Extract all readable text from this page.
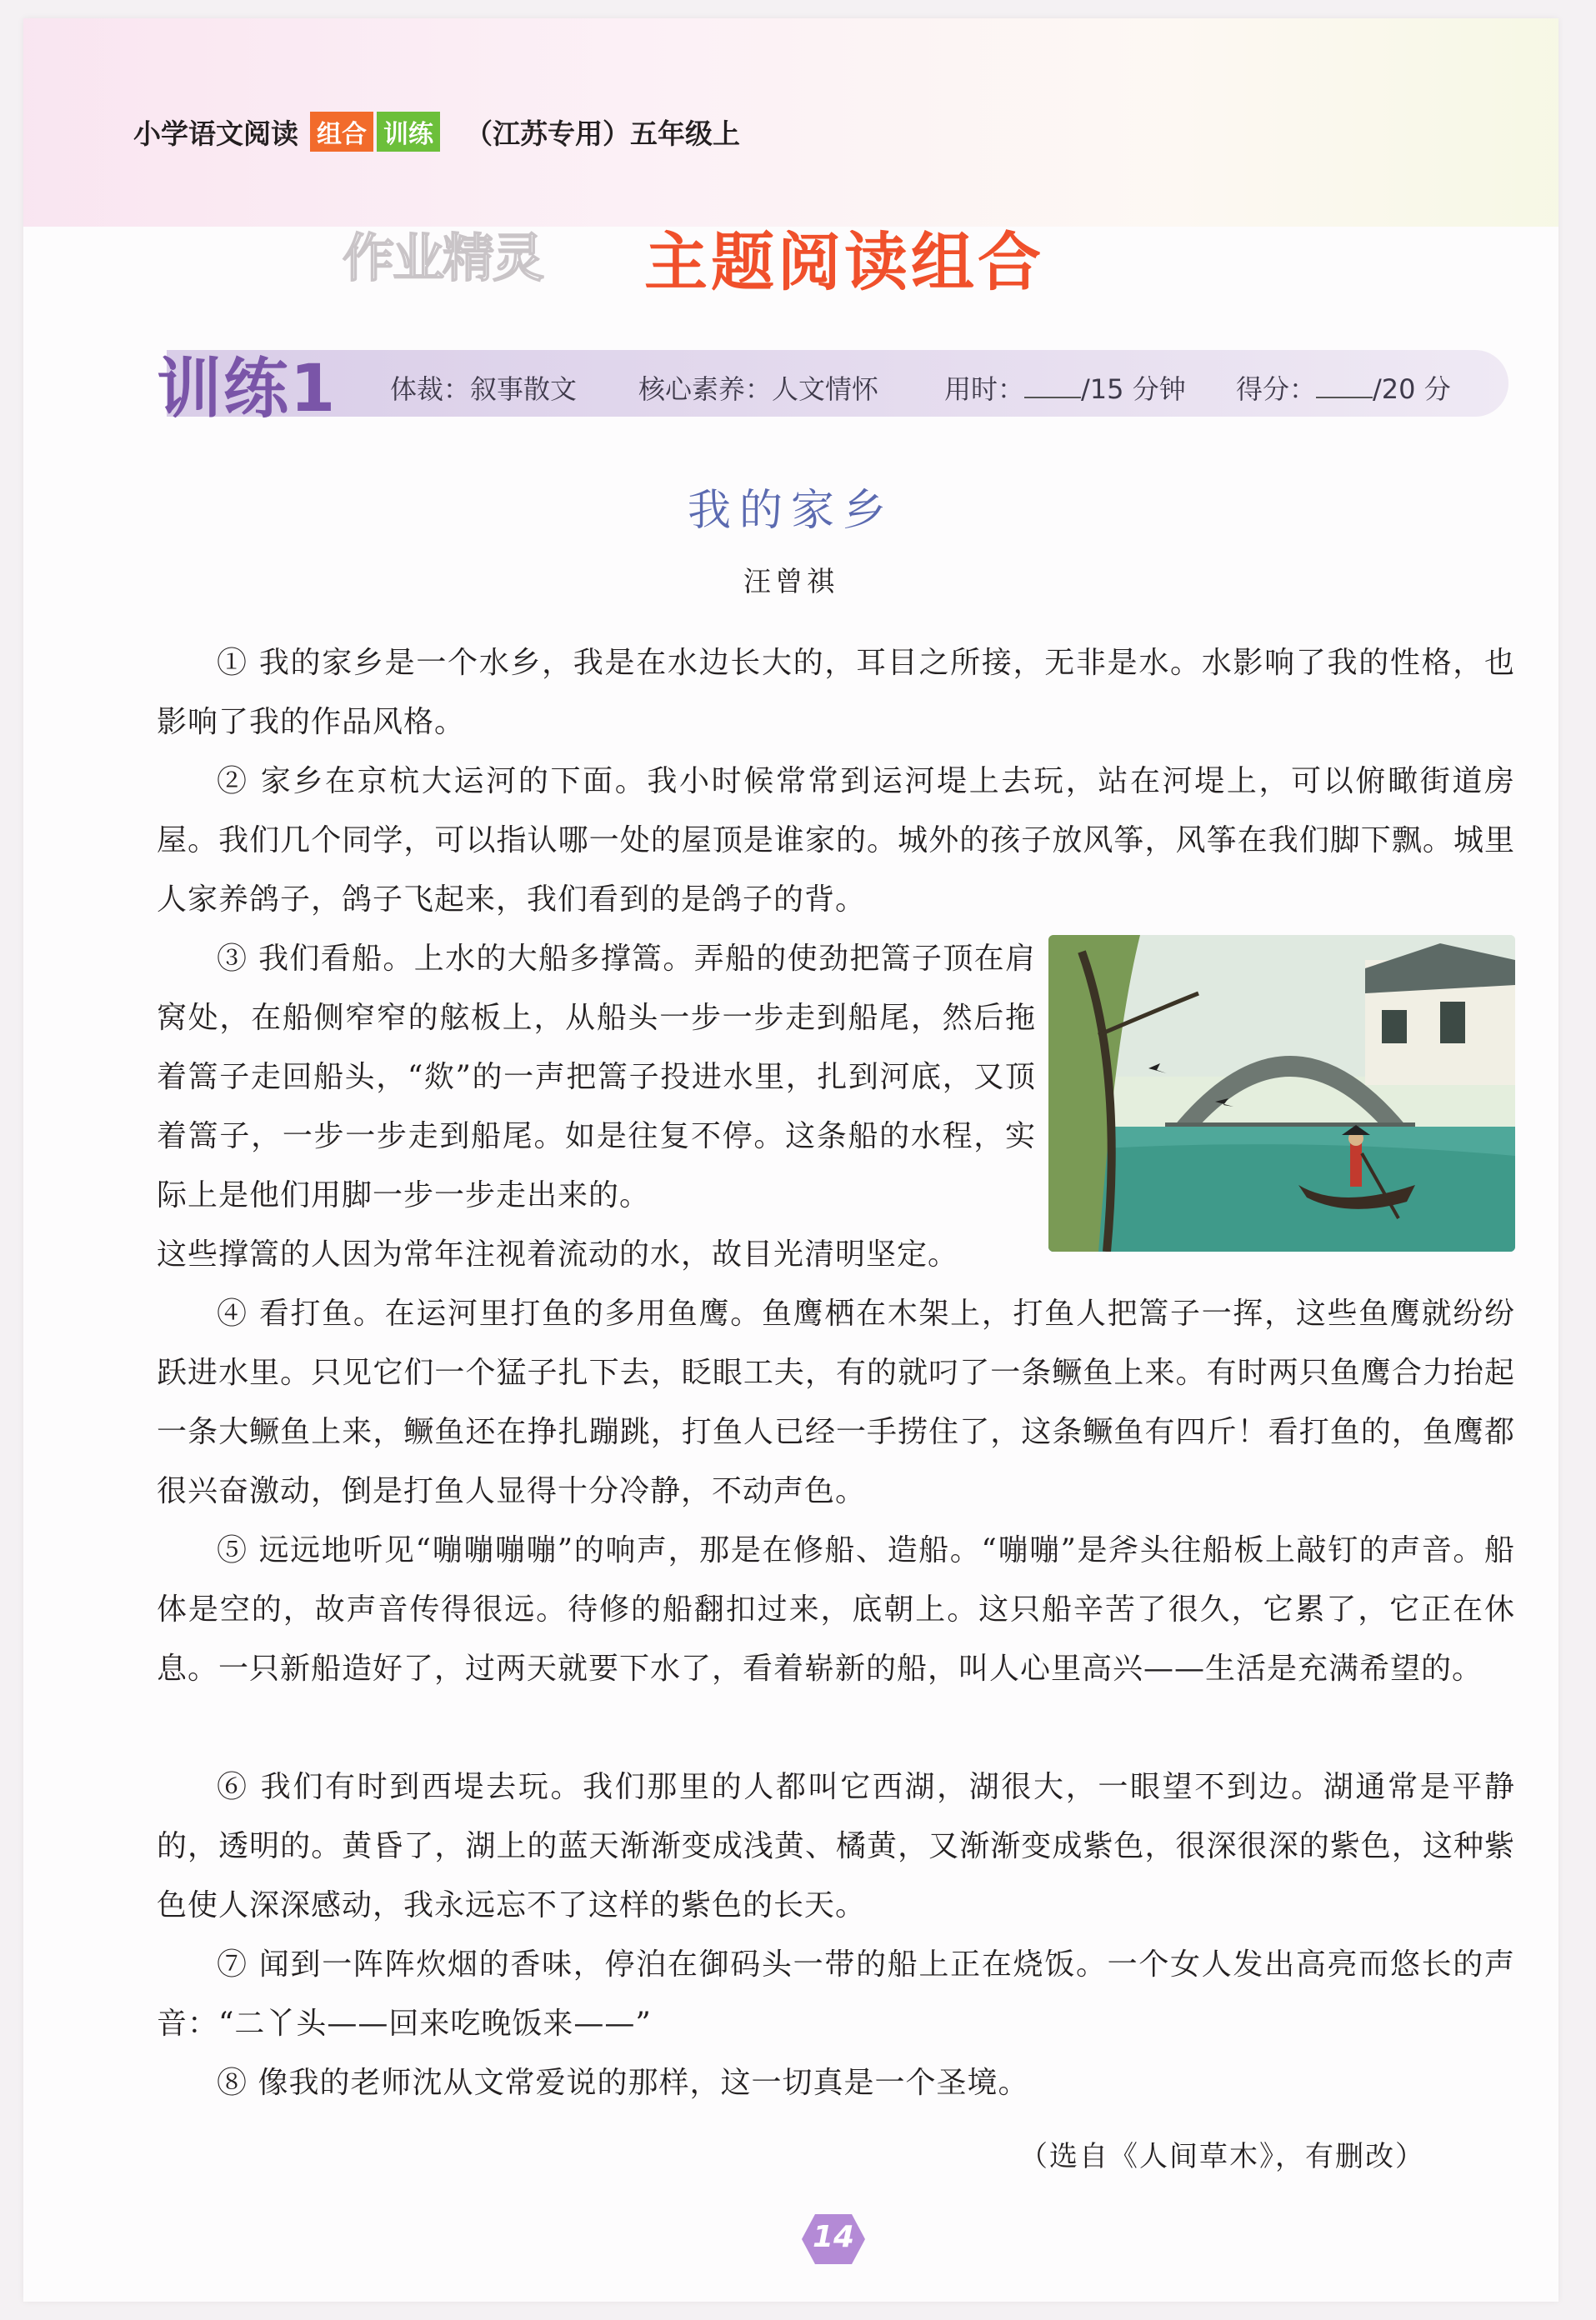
小学语文阅读 组合 训练 （江苏专用）五年级上
作业精灵 主题阅读组合
训练1 体裁：叙事散文 核心素养：人文情怀 用时： /15 分钟 得分： /20 分
我的家乡
汪曾祺

① 我的家乡是一个水乡，我是在水边长大的，耳目之所接，无非是水。水影响了我的性格，也影响了我的作品风格。

② 家乡在京杭大运河的下面。我小时候常常到运河堤上去玩，站在河堤上，可以俯瞰街道房屋。我们几个同学，可以指认哪一处的屋顶是谁家的。城外的孩子放风筝，风筝在我们脚下飘。城里人家养鸽子，鸽子飞起来，我们看到的是鸽子的背。

③ 我们看船。上水的大船多撑篙。弄船的使劲把篙子顶在肩窝处，在船侧窄窄的舷板上，从船头一步一步走到船尾，然后拖着篙子走回船头，“欻”的一声把篙子投进水里，扎到河底，又顶着篙子，一步一步走到船尾。如是往复不停。这条船的水程，实际上是他们用脚一步一步走出来的。

这些撑篙的人因为常年注视着流动的水，故目光清明坚定。

④ 看打鱼。在运河里打鱼的多用鱼鹰。鱼鹰栖在木架上，打鱼人把篙子一挥，这些鱼鹰就纷纷跃进水里。只见它们一个猛子扎下去，眨眼工夫，有的就叼了一条鳜鱼上来。有时两只鱼鹰合力抬起一条大鳜鱼上来，鳜鱼还在挣扎蹦跳，打鱼人已经一手捞住了，这条鳜鱼有四斤！看打鱼的，鱼鹰都很兴奋激动，倒是打鱼人显得十分冷静，不动声色。

⑤ 远远地听见“嘣嘣嘣嘣”的响声，那是在修船、造船。“嘣嘣”是斧头往船板上敲钉的声音。船体是空的，故声音传得很远。待修的船翻扣过来，底朝上。这只船辛苦了很久，它累了，它正在休息。一只新船造好了，过两天就要下水了，看着崭新的船，叫人心里高兴——生活是充满希望的。

⑥ 我们有时到西堤去玩。我们那里的人都叫它西湖，湖很大，一眼望不到边。湖通常是平静的，透明的。黄昏了，湖上的蓝天渐渐变成浅黄、橘黄，又渐渐变成紫色，很深很深的紫色，这种紫色使人深深感动，我永远忘不了这样的紫色的长天。

⑦ 闻到一阵阵炊烟的香味，停泊在御码头一带的船上正在烧饭。一个女人发出高亮而悠长的声音：“二丫头——回来吃晚饭来——”

⑧ 像我的老师沈从文常爱说的那样，这一切真是一个圣境。

（选自《人间草木》，有删改）
14
